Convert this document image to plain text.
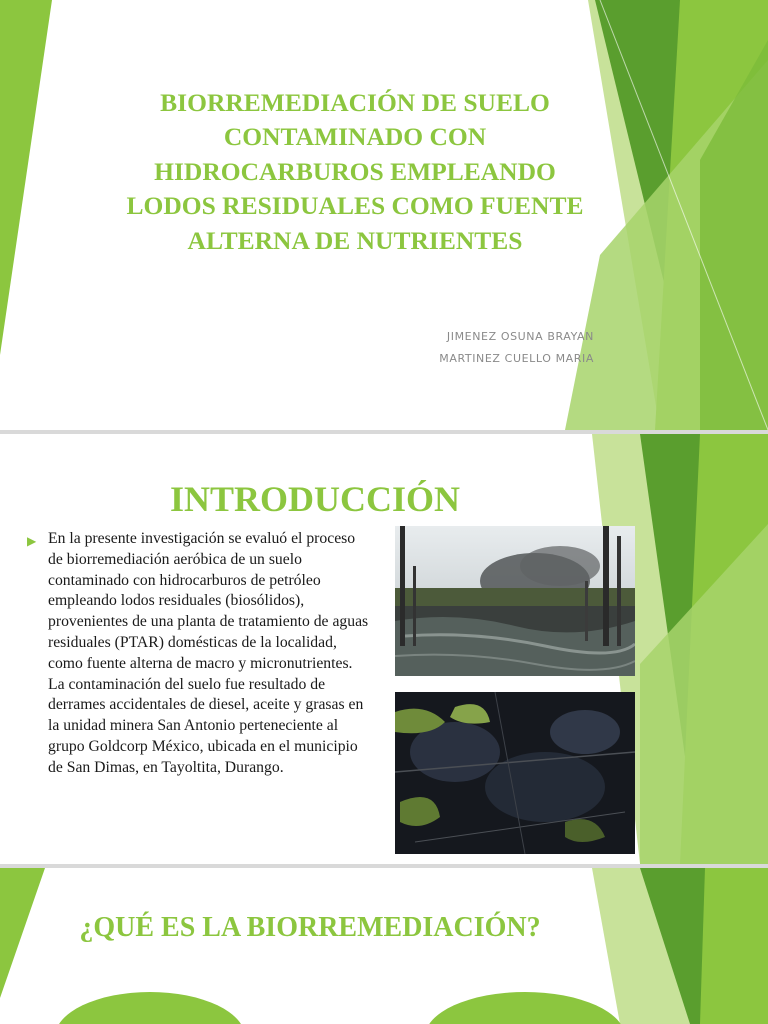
BIORREMEDIACIÓN DE SUELO CONTAMINADO CON HIDROCARBUROS EMPLEANDO LODOS RESIDUALES COMO FUENTE ALTERNA DE NUTRIENTES
JIMENEZ OSUNA BRAYAN
MARTINEZ CUELLO MARIA
INTRODUCCIÓN
▶ En la presente investigación se evaluó el proceso de biorremediación aeróbica de un suelo contaminado con hidrocarburos de petróleo empleando lodos residuales (biosólidos), provenientes de una planta de tratamiento de aguas residuales (PTAR) domésticas de la localidad, como fuente alterna de macro y micronutrientes. La contaminación del suelo fue resultado de derrames accidentales de diesel, aceite y grasas en la unidad minera San Antonio perteneciente al grupo Goldcorp México, ubicada en el municipio de San Dimas, en Tayoltita, Durango.
¿QUÉ ES LA BIORREMEDIACIÓN?
